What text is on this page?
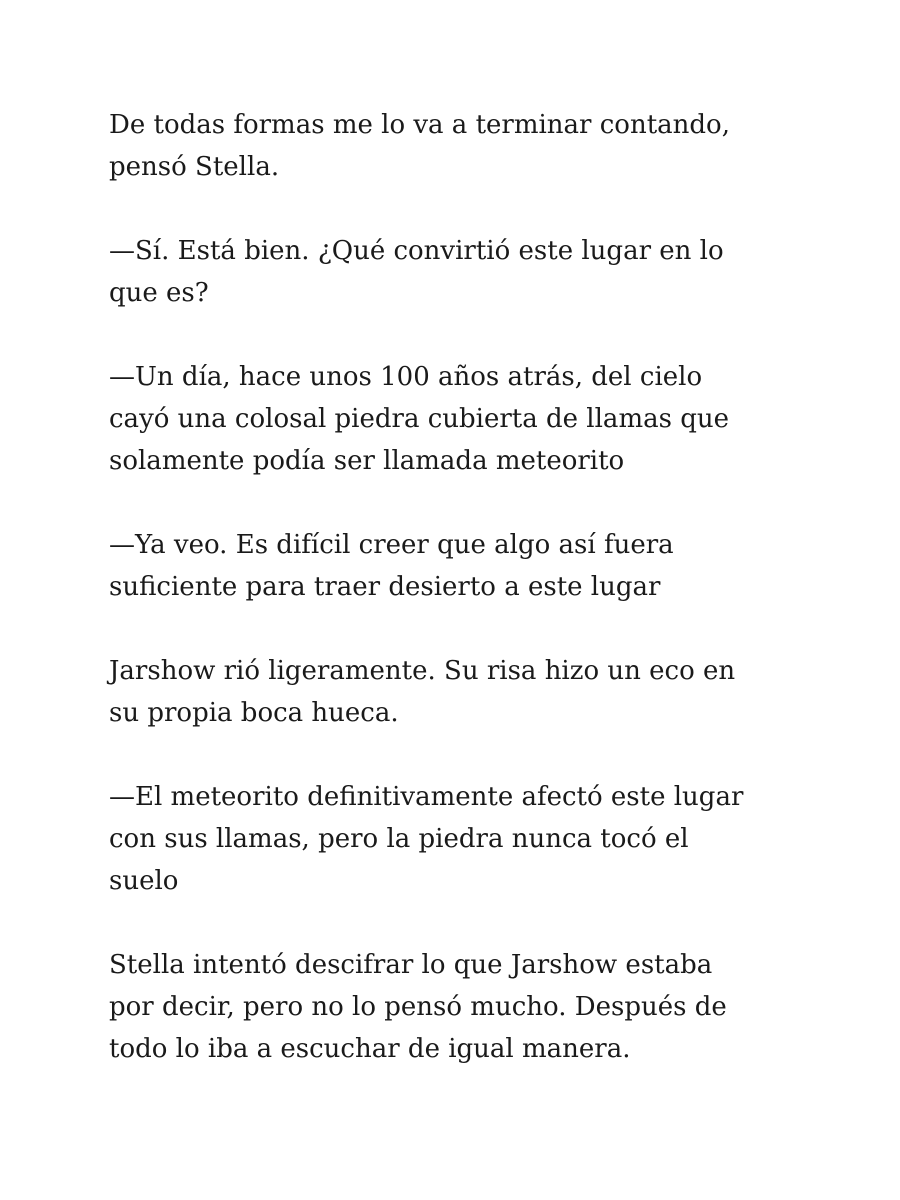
De todas formas me lo va a terminar contando,
pensó Stella.

—Sí. Está bien. ¿Qué convirtió este lugar en lo
que es?

—Un día, hace unos 100 años atrás, del cielo
cayó una colosal piedra cubierta de llamas que
solamente podía ser llamada meteorito

—Ya veo. Es difícil creer que algo así fuera
suficiente para traer desierto a este lugar

Jarshow rió ligeramente. Su risa hizo un eco en
su propia boca hueca.

—El meteorito definitivamente afectó este lugar
con sus llamas, pero la piedra nunca tocó el
suelo

Stella intentó descifrar lo que Jarshow estaba
por decir, pero no lo pensó mucho. Después de
todo lo iba a escuchar de igual manera.
